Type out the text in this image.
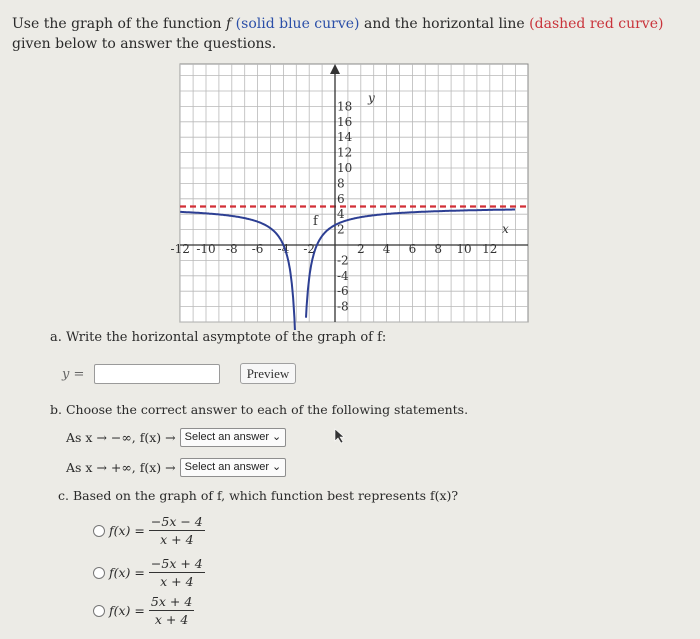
Use the graph of the function f (solid blue curve) and the horizontal line (dashed red curve) given below to answer the questions.
-12 -10 -8 -6 -4 -2	2 4 6 8 10 12
18
16
14
12
10
8
6
4
2
-2
-4
-6
-8
y
x
f
a. Write the horizontal asymptote of the graph of f:
y =	Preview
b. Choose the correct answer to each of the following statements.
As x → −∞, f(x) → Select an answer ⌄
As x → +∞, f(x) → Select an answer ⌄
c. Based on the graph of f, which function best represents f(x)?
$f(x) = \frac{-5x - 4}{x + 4}$
$f(x) = \frac{-5x + 4}{x + 4}$
$f(x) = \frac{5x + 4}{x + 4}$
